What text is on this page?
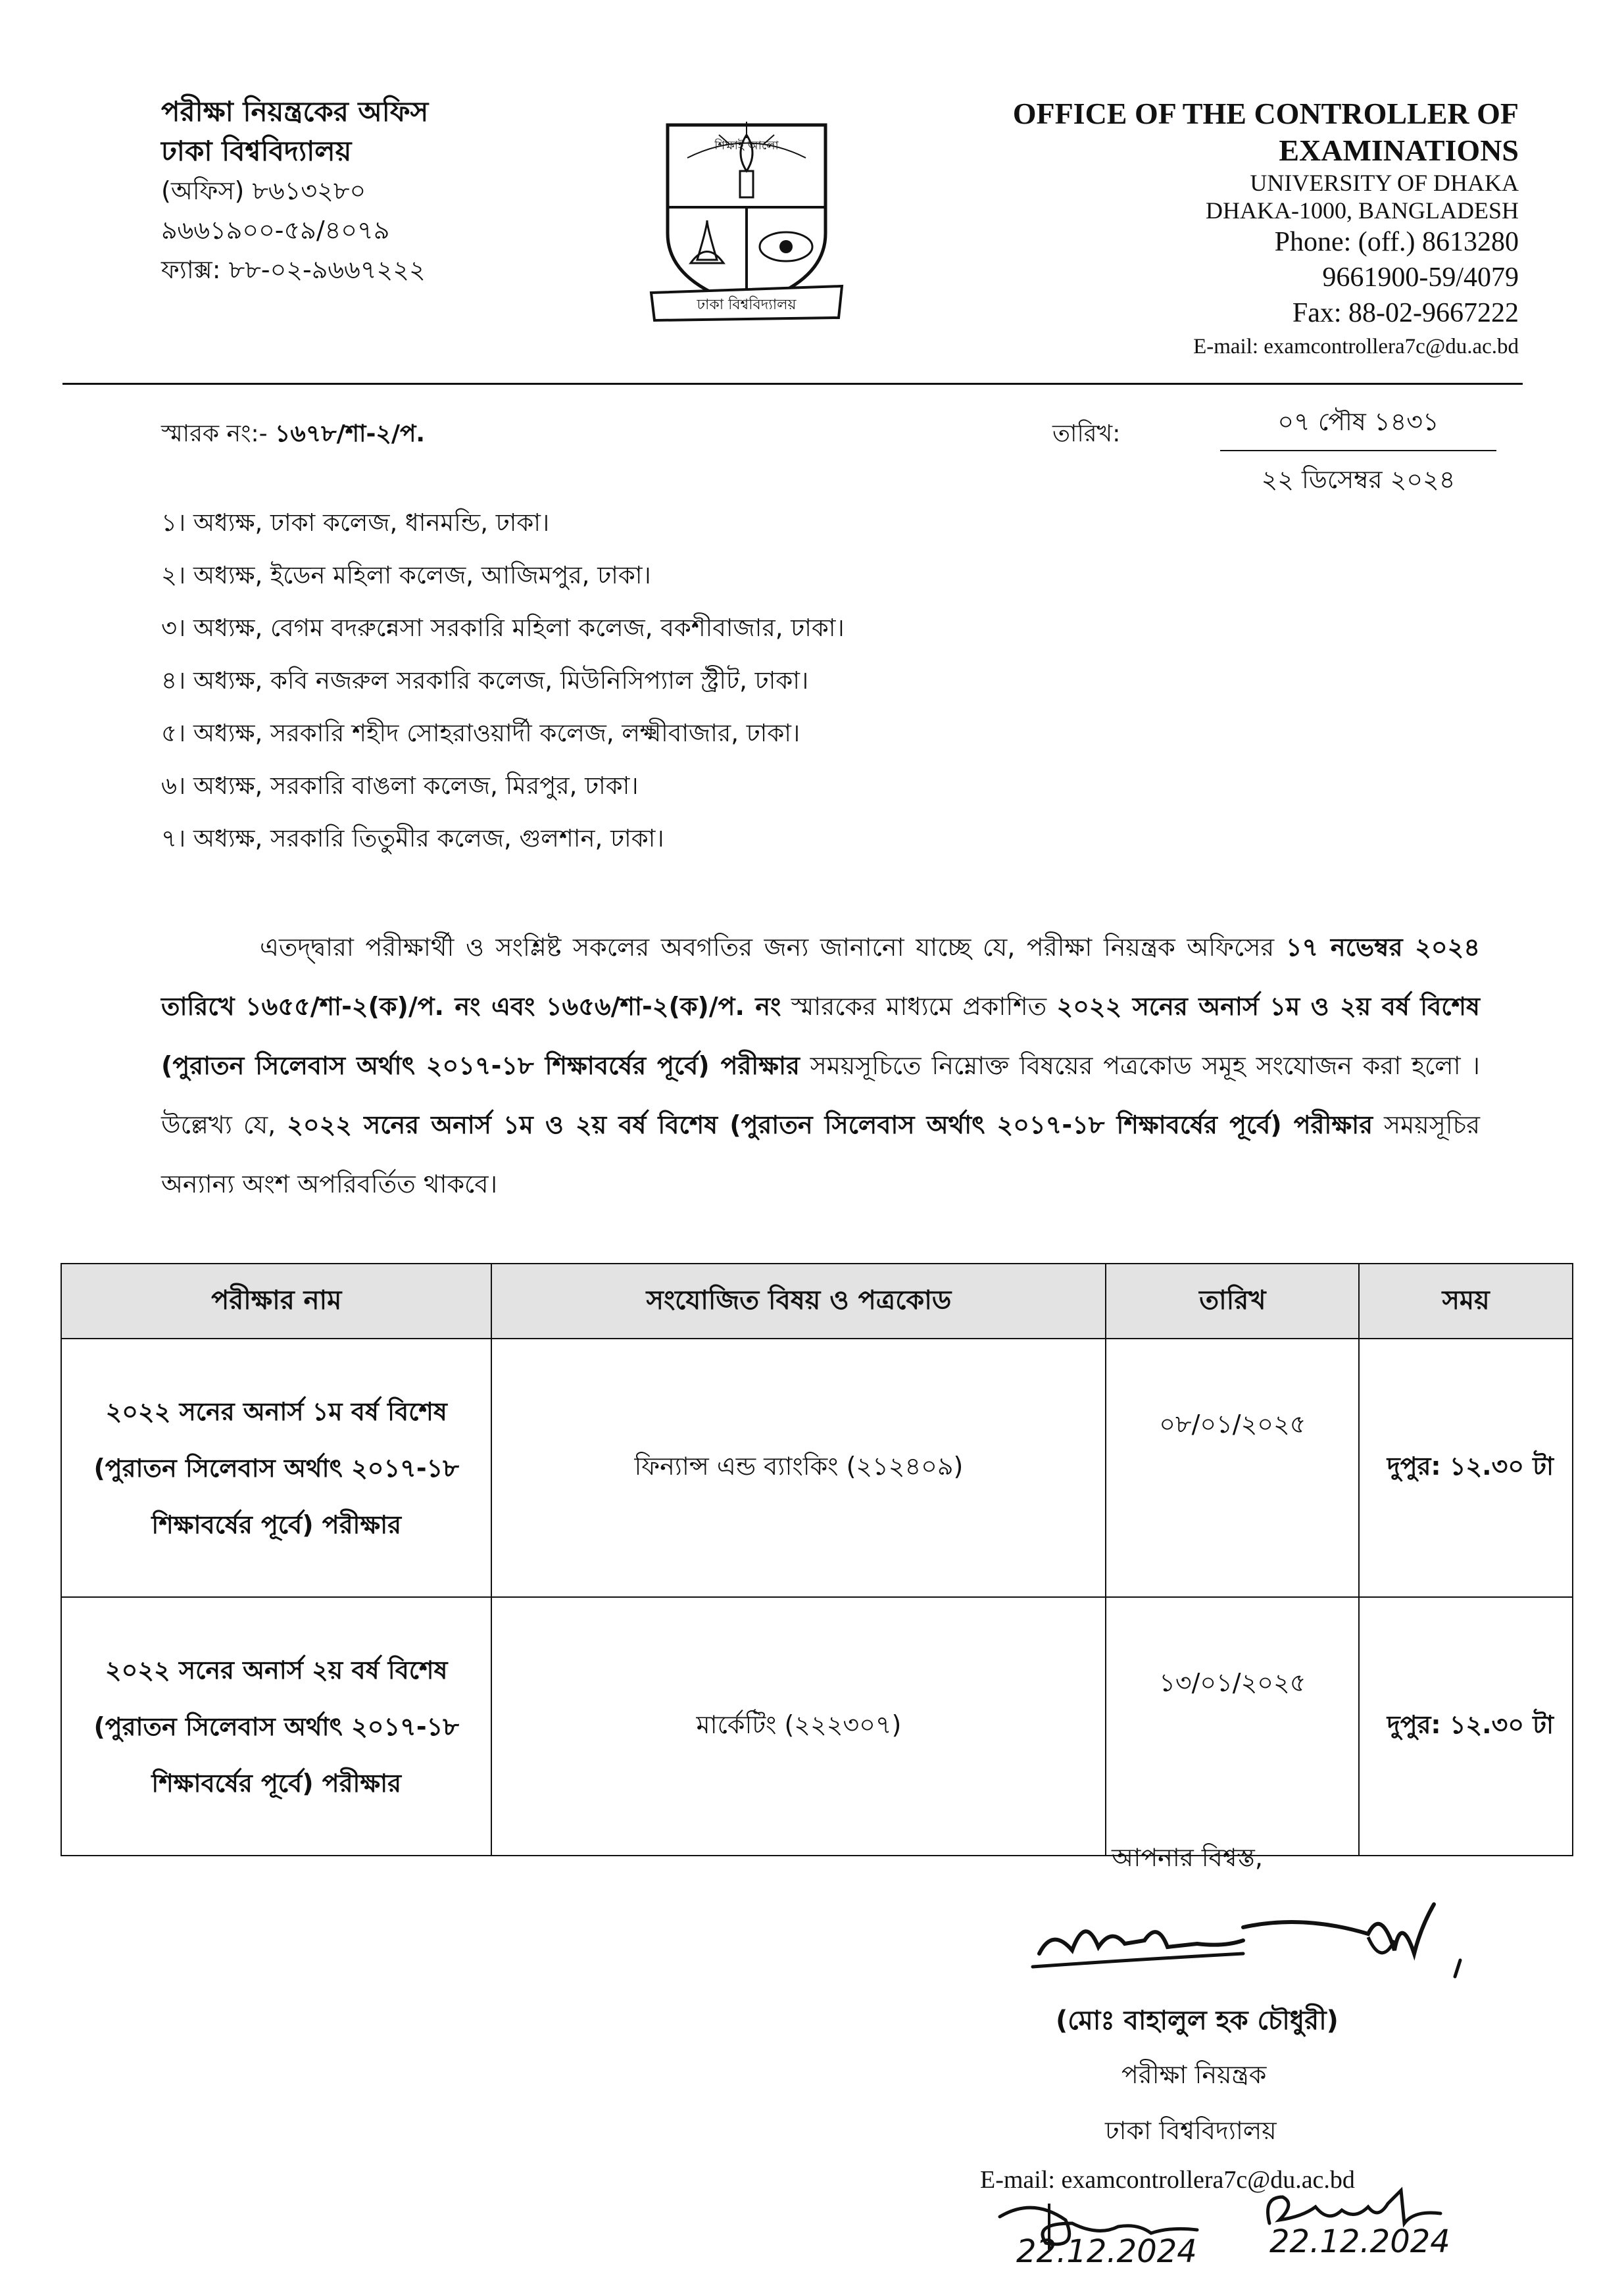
পরীক্ষা নিয়ন্ত্রকের অফিস
ঢাকা বিশ্ববিদ্যালয়
(অফিস) ৮৬১৩২৮০
৯৬৬১৯০০-৫৯/৪০৭৯
ফ্যাক্স: ৮৮-০২-৯৬৬৭২২২
ঢাকা বিশ্ববিদ্যালয়
শিক্ষাই আলো
OFFICE OF THE CONTROLLER OF
EXAMINATIONS
UNIVERSITY OF DHAKA
DHAKA-1000, BANGLADESH
Phone: (off.) 8613280
9661900-59/4079
Fax: 88-02-9667222
E-mail: examcontrollera7c@du.ac.bd
স্মারক নং:- ১৬৭৮/শা-২/প.	তারিখ:	০৭ পৌষ ১৪৩১
২২ ডিসেম্বর ২০২৪
১। অধ্যক্ষ, ঢাকা কলেজ, ধানমন্ডি, ঢাকা।
২। অধ্যক্ষ, ইডেন মহিলা কলেজ, আজিমপুর, ঢাকা।
৩। অধ্যক্ষ, বেগম বদরুন্নেসা সরকারি মহিলা কলেজ, বকশীবাজার, ঢাকা।
৪। অধ্যক্ষ, কবি নজরুল সরকারি কলেজ, মিউনিসিপ্যাল স্ট্রীট, ঢাকা।
৫। অধ্যক্ষ, সরকারি শহীদ সোহরাওয়ার্দী কলেজ, লক্ষ্মীবাজার, ঢাকা।
৬। অধ্যক্ষ, সরকারি বাঙলা কলেজ, মিরপুর, ঢাকা।
৭। অধ্যক্ষ, সরকারি তিতুমীর কলেজ, গুলশান, ঢাকা।
এতদ্দ্বারা পরীক্ষার্থী ও সংশ্লিষ্ট সকলের অবগতির জন্য জানানো যাচ্ছে যে, পরীক্ষা নিয়ন্ত্রক অফিসের ১৭ নভেম্বর ২০২৪ তারিখে ১৬৫৫/শা-২(ক)/প. নং এবং ১৬৫৬/শা-২(ক)/প. নং স্মারকের মাধ্যমে প্রকাশিত ২০২২ সনের অনার্স ১ম ও ২য় বর্ষ বিশেষ (পুরাতন সিলেবাস অর্থাৎ ২০১৭-১৮ শিক্ষাবর্ষের পূর্বে) পরীক্ষার সময়সূচিতে নিম্নোক্ত বিষয়ের পত্রকোড সমূহ সংযোজন করা হলো । উল্লেখ্য যে, ২০২২ সনের অনার্স ১ম ও ২য় বর্ষ বিশেষ (পুরাতন সিলেবাস অর্থাৎ ২০১৭-১৮ শিক্ষাবর্ষের পূর্বে) পরীক্ষার সময়সূচির অন্যান্য অংশ অপরিবর্তিত থাকবে।
পরীক্ষার নাম	সংযোজিত বিষয় ও পত্রকোড	তারিখ	সময়
২০২২ সনের অনার্স ১ম বর্ষ বিশেষ (পুরাতন সিলেবাস অর্থাৎ ২০১৭-১৮ শিক্ষাবর্ষের পূর্বে) পরীক্ষার	ফিন্যান্স এন্ড ব্যাংকিং (২১২৪০৯)	০৮/০১/২০২৫	দুপুর: ১২.৩০ টা
২০২২ সনের অনার্স ২য় বর্ষ বিশেষ (পুরাতন সিলেবাস অর্থাৎ ২০১৭-১৮ শিক্ষাবর্ষের পূর্বে) পরীক্ষার	মার্কেটিং (২২২৩০৭)	১৩/০১/২০২৫	দুপুর: ১২.৩০ টা
আপনার বিশ্বস্ত,
(মোঃ বাহালুল হক চৌধুরী)
পরীক্ষা নিয়ন্ত্রক
ঢাকা বিশ্ববিদ্যালয়
E-mail: examcontrollera7c@du.ac.bd
22.12.2024 22.12.2024
